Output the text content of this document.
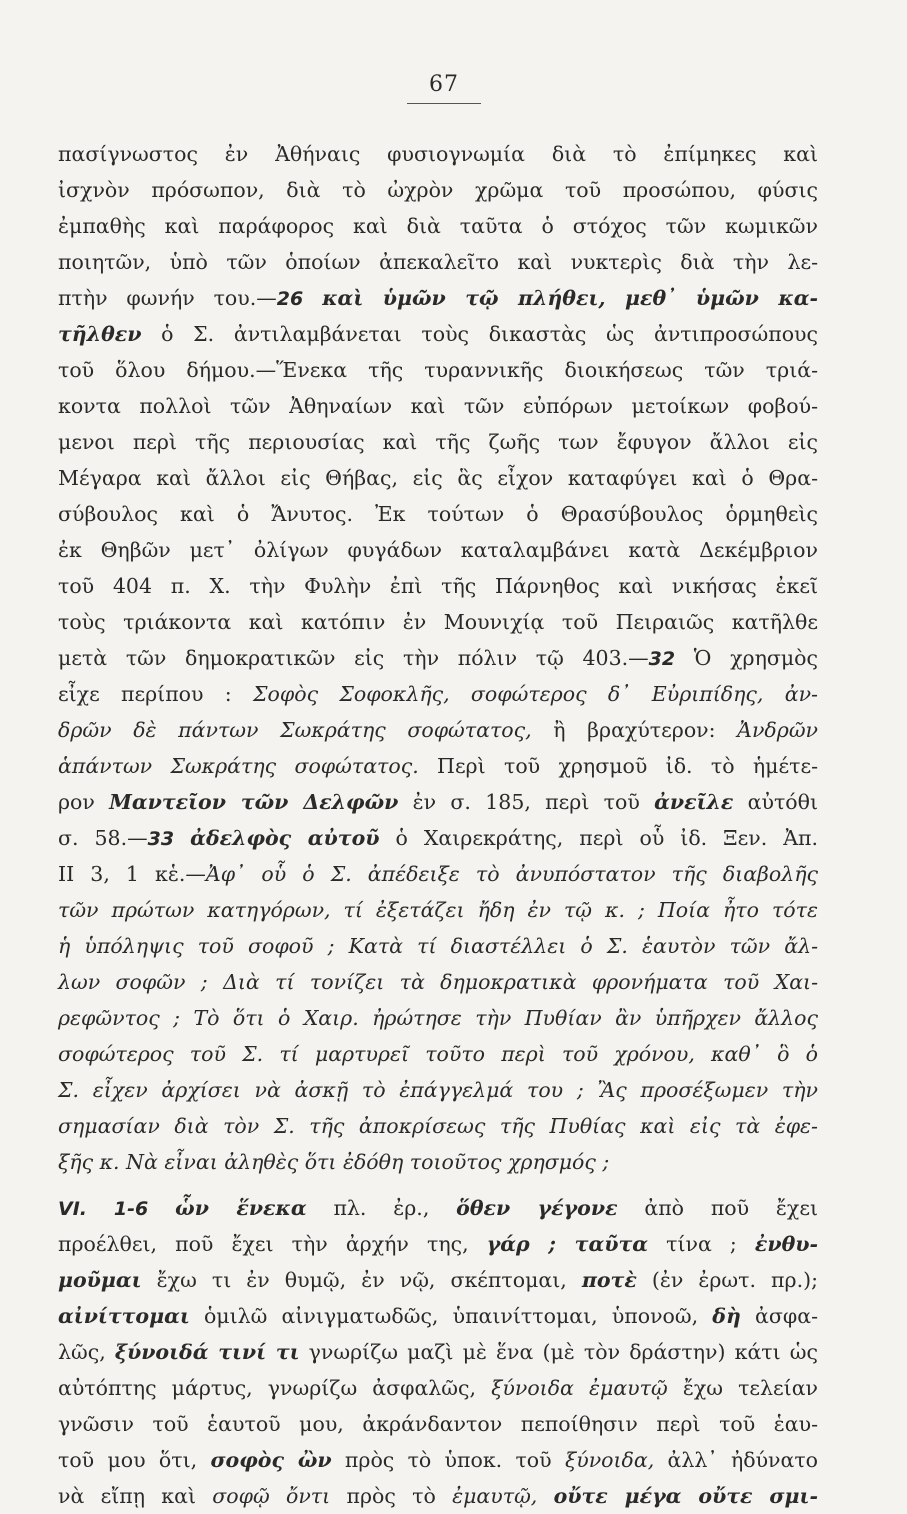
67
πασίγνωστος ἐν Ἀθήναις φυσιογνωμία διὰ τὸ ἐπίμηκες καὶ
ἰσχνὸν πρόσωπον, διὰ τὸ ὠχρὸν χρῶμα τοῦ προσώπου, φύσις
ἐμπαθὴς καὶ παράφορος καὶ διὰ ταῦτα ὁ στόχος τῶν κωμικῶν
ποιητῶν, ὑπὸ τῶν ὁποίων ἀπεκαλεῖτο καὶ νυκτερὶς διὰ τὴν λε-
πτὴν φωνήν του.—26 καὶ ὑμῶν τῷ πλήθει, μεθ᾽ ὑμῶν κα-
τῆλθεν ὁ Σ. ἀντιλαμβάνεται τοὺς δικαστὰς ὡς ἀντιπροσώπους
τοῦ ὅλου δήμου.—Ἕνεκα τῆς τυραννικῆς διοικήσεως τῶν τριά-
κοντα πολλοὶ τῶν Ἀθηναίων καὶ τῶν εὐπόρων μετοίκων φοβού-
μενοι περὶ τῆς περιουσίας καὶ τῆς ζωῆς των ἔφυγον ἄλλοι εἰς
Μέγαρα καὶ ἄλλοι εἰς Θήβας, εἰς ἃς εἶχον καταφύγει καὶ ὁ Θρα-
σύβουλος καὶ ὁ Ἄνυτος. Ἐκ τούτων ὁ Θρασύβουλος ὁρμηθεὶς
ἐκ Θηβῶν μετ᾽ ὀλίγων φυγάδων καταλαμβάνει κατὰ Δεκέμβριον
τοῦ 404 π. Χ. τὴν Φυλὴν ἐπὶ τῆς Πάρνηθος καὶ νικήσας ἐκεῖ
τοὺς τριάκοντα καὶ κατόπιν ἐν Μουνιχίᾳ τοῦ Πειραιῶς κατῆλθε
μετὰ τῶν δημοκρατικῶν εἰς τὴν πόλιν τῷ 403.—32 Ὁ χρησμὸς
εἶχε περίπου : Σοφὸς Σοφοκλῆς, σοφώτερος δ᾽ Εὐριπίδης, ἀν-
δρῶν δὲ πάντων Σωκράτης σοφώτατος, ἢ βραχύτερον: Ἀνδρῶν
ἁπάντων Σωκράτης σοφώτατος. Περὶ τοῦ χρησμοῦ ἰδ. τὸ ἡμέτε-
ρον Μαντεῖον τῶν Δελφῶν ἐν σ. 185, περὶ τοῦ ἀνεῖλε αὐτόθι
σ. 58.—33 ἀδελφὸς αὐτοῦ ὁ Χαιρεκράτης, περὶ οὗ ἰδ. Ξεν. Ἀπ.
ΙΙ 3, 1 κἑ.—Ἀφ᾽ οὗ ὁ Σ. ἀπέδειξε τὸ ἀνυπόστατον τῆς διαβολῆς
τῶν πρώτων κατηγόρων, τί ἐξετάζει ἤδη ἐν τῷ κ. ; Ποία ἦτο τότε
ἡ ὑπόληψις τοῦ σοφοῦ ; Κατὰ τί διαστέλλει ὁ Σ. ἑαυτὸν τῶν ἄλ-
λων σοφῶν ; Διὰ τί τονίζει τὰ δημοκρατικὰ φρονήματα τοῦ Χαι-
ρεφῶντος ; Τὸ ὅτι ὁ Χαιρ. ἠρώτησε τὴν Πυθίαν ἂν ὑπῆρχεν ἄλλος
σοφώτερος τοῦ Σ. τί μαρτυρεῖ τοῦτο περὶ τοῦ χρόνου, καθ᾽ ὃ ὁ
Σ. εἶχεν ἀρχίσει νὰ ἀσκῇ τὸ ἐπάγγελμά του ; Ἂς προσέξωμεν τὴν
σημασίαν διὰ τὸν Σ. τῆς ἀποκρίσεως τῆς Πυθίας καὶ εἰς τὰ ἐφε-
ξῆς κ. Νὰ εἶναι ἀληθὲς ὅτι ἐδόθη τοιοῦτος χρησμός ;
VI. 1-6 ὧν ἕνεκα πλ. ἐρ., ὅθεν γέγονε ἀπὸ ποῦ ἔχει
προέλθει, ποῦ ἔχει τὴν ἀρχήν της, γάρ ; ταῦτα τίνα ; ἐνθυ-
μοῦμαι ἔχω τι ἐν θυμῷ, ἐν νῷ, σκέπτομαι, ποτὲ (ἐν ἐρωτ. πρ.);
αἰνίττομαι ὁμιλῶ αἰνιγματωδῶς, ὑπαινίττομαι, ὑπονοῶ, δὴ ἀσφα-
λῶς, ξύνοιδά τινί τι γνωρίζω μαζὶ μὲ ἕνα (μὲ τὸν δράστην) κάτι ὡς
αὐτόπτης μάρτυς, γνωρίζω ἀσφαλῶς, ξύνοιδα ἐμαυτῷ ἔχω τελείαν
γνῶσιν τοῦ ἑαυτοῦ μου, ἀκράνδαντον πεποίθησιν περὶ τοῦ ἑαυ-
τοῦ μου ὅτι, σοφὸς ὢν πρὸς τὸ ὑποκ. τοῦ ξύνοιδα, ἀλλ᾽ ἠδύνατο
νὰ εἴπῃ καὶ σοφῷ ὄντι πρὸς τὸ ἐμαυτῷ, οὔτε μέγα οὔτε σμι-
